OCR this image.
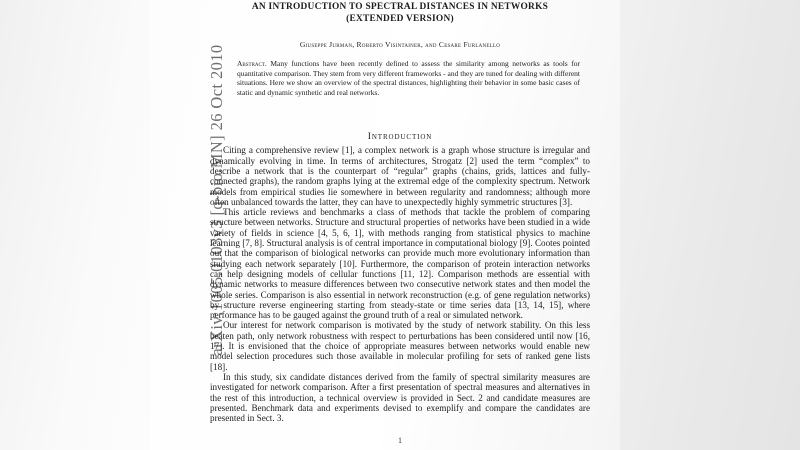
arXiv:1005.0103v3 [q-bio.MN] 26 Oct 2010
AN INTRODUCTION TO SPECTRAL DISTANCES IN NETWORKS
(EXTENDED VERSION)
Giuseppe Jurman, Roberto Visintainer, and Cesare Furlanello

Abstract. Many functions have been recently defined to assess the similarity among networks as tools for quantitative comparison. They stem from very different frameworks - and they are tuned for dealing with different situations. Here we show an overview of the spectral distances, highlighting their behavior in some basic cases of static and dynamic synthetic and real networks.

Introduction

Citing a comprehensive review [1], a complex network is a graph whose structure is irregular and dynamically evolving in time. In terms of architectures, Strogatz [2] used the term “complex” to describe a network that is the counterpart of “regular” graphs (chains, grids, lattices and fully-connected graphs), the random graphs lying at the extremal edge of the complexity spectrum. Network models from empirical studies lie somewhere in between regularity and randomness; although more often unbalanced towards the latter, they can have to unexpectedly highly symmetric structures [3].

This article reviews and benchmarks a class of methods that tackle the problem of comparing structure between networks. Structure and structural properties of networks have been studied in a wide variety of fields in science [4, 5, 6, 1], with methods ranging from statistical physics to machine learning [7, 8]. Structural analysis is of central importance in computational biology [9]. Cootes pointed out that the comparison of biological networks can provide much more evolutionary information than studying each network separately [10]. Furthermore, the comparison of protein interaction networks can help designing models of cellular functions [11, 12]. Comparison methods are essential with dynamic networks to measure differences between two consecutive network states and then model the whole series. Comparison is also essential in network reconstruction (e.g. of gene regulation networks) by structure reverse engineering starting from steady-state or time series data [13, 14, 15], where performance has to be gauged against the ground truth of a real or simulated network.

Our interest for network comparison is motivated by the study of network stability. On this less beaten path, only network robustness with respect to perturbations has been considered until now [16, 17]. It is envisioned that the choice of appropriate measures between networks would enable new model selection procedures such those available in molecular profiling for sets of ranked gene lists [18].

In this study, six candidate distances derived from the family of spectral similarity measures are investigated for network comparison. After a first presentation of spectral measures and alternatives in the rest of this introduction, a technical overview is provided in Sect. 2 and candidate measures are presented. Benchmark data and experiments devised to exemplify and compare the candidates are presented in Sect. 3.

1
